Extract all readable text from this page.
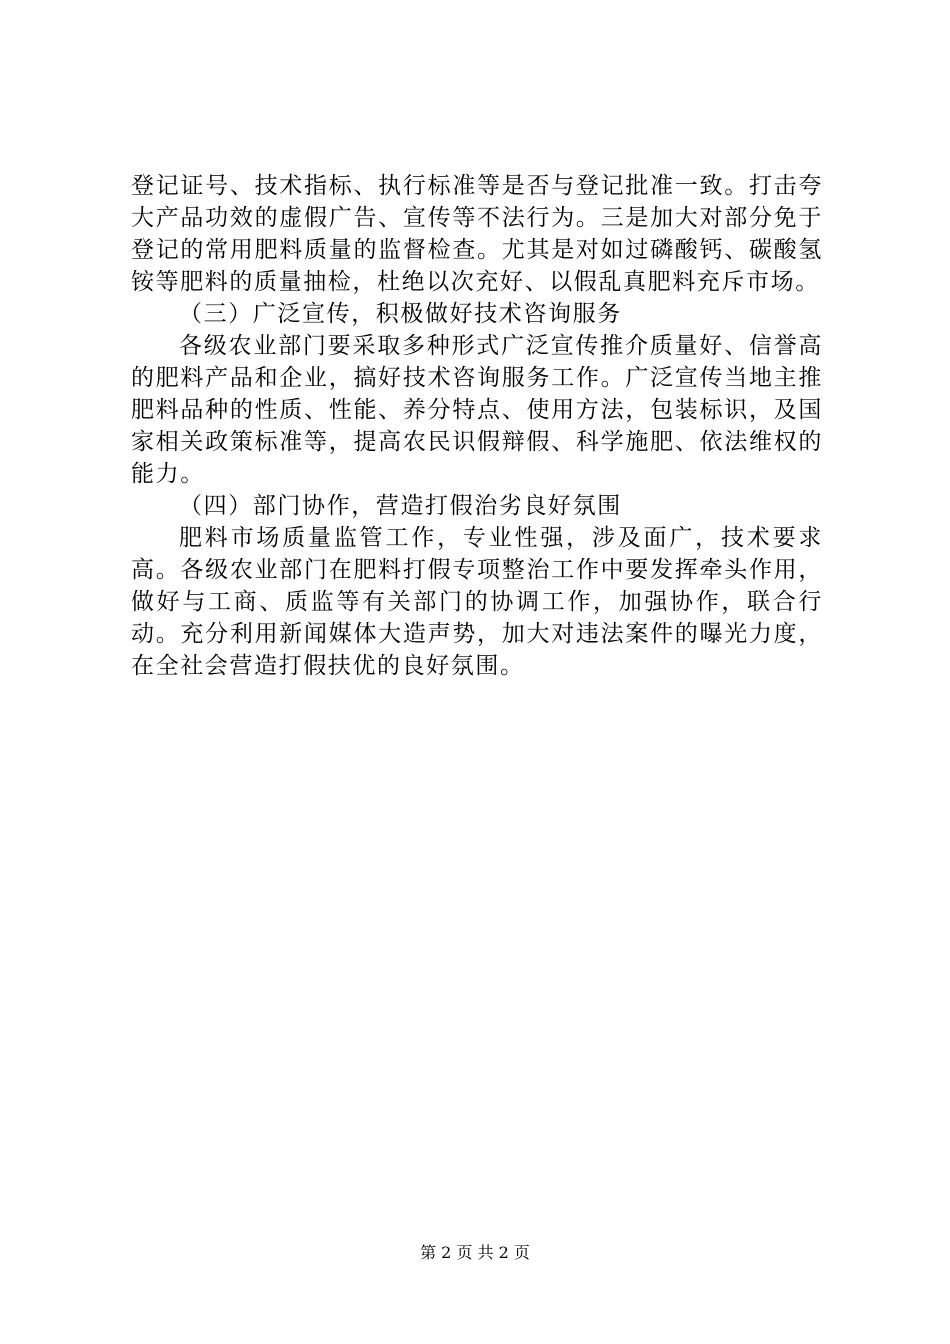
登记证号、技术指标、执行标准等是否与登记批准一致。打击夸大产品功效的虚假广告、宣传等不法行为。三是加大对部分免于登记的常用肥料质量的监督检查。尤其是对如过磷酸钙、碳酸氢铵等肥料的质量抽检，杜绝以次充好、以假乱真肥料充斥市场。

（三）广泛宣传，积极做好技术咨询服务

各级农业部门要采取多种形式广泛宣传推介质量好、信誉高的肥料产品和企业，搞好技术咨询服务工作。广泛宣传当地主推肥料品种的性质、性能、养分特点、使用方法，包装标识，及国家相关政策标准等，提高农民识假辩假、科学施肥、依法维权的能力。

（四）部门协作，营造打假治劣良好氛围

肥料市场质量监管工作，专业性强，涉及面广，技术要求高。各级农业部门在肥料打假专项整治工作中要发挥牵头作用，做好与工商、质监等有关部门的协调工作，加强协作，联合行动。充分利用新闻媒体大造声势，加大对违法案件的曝光力度，在全社会营造打假扶优的良好氛围。

第 2 页 共 2 页
